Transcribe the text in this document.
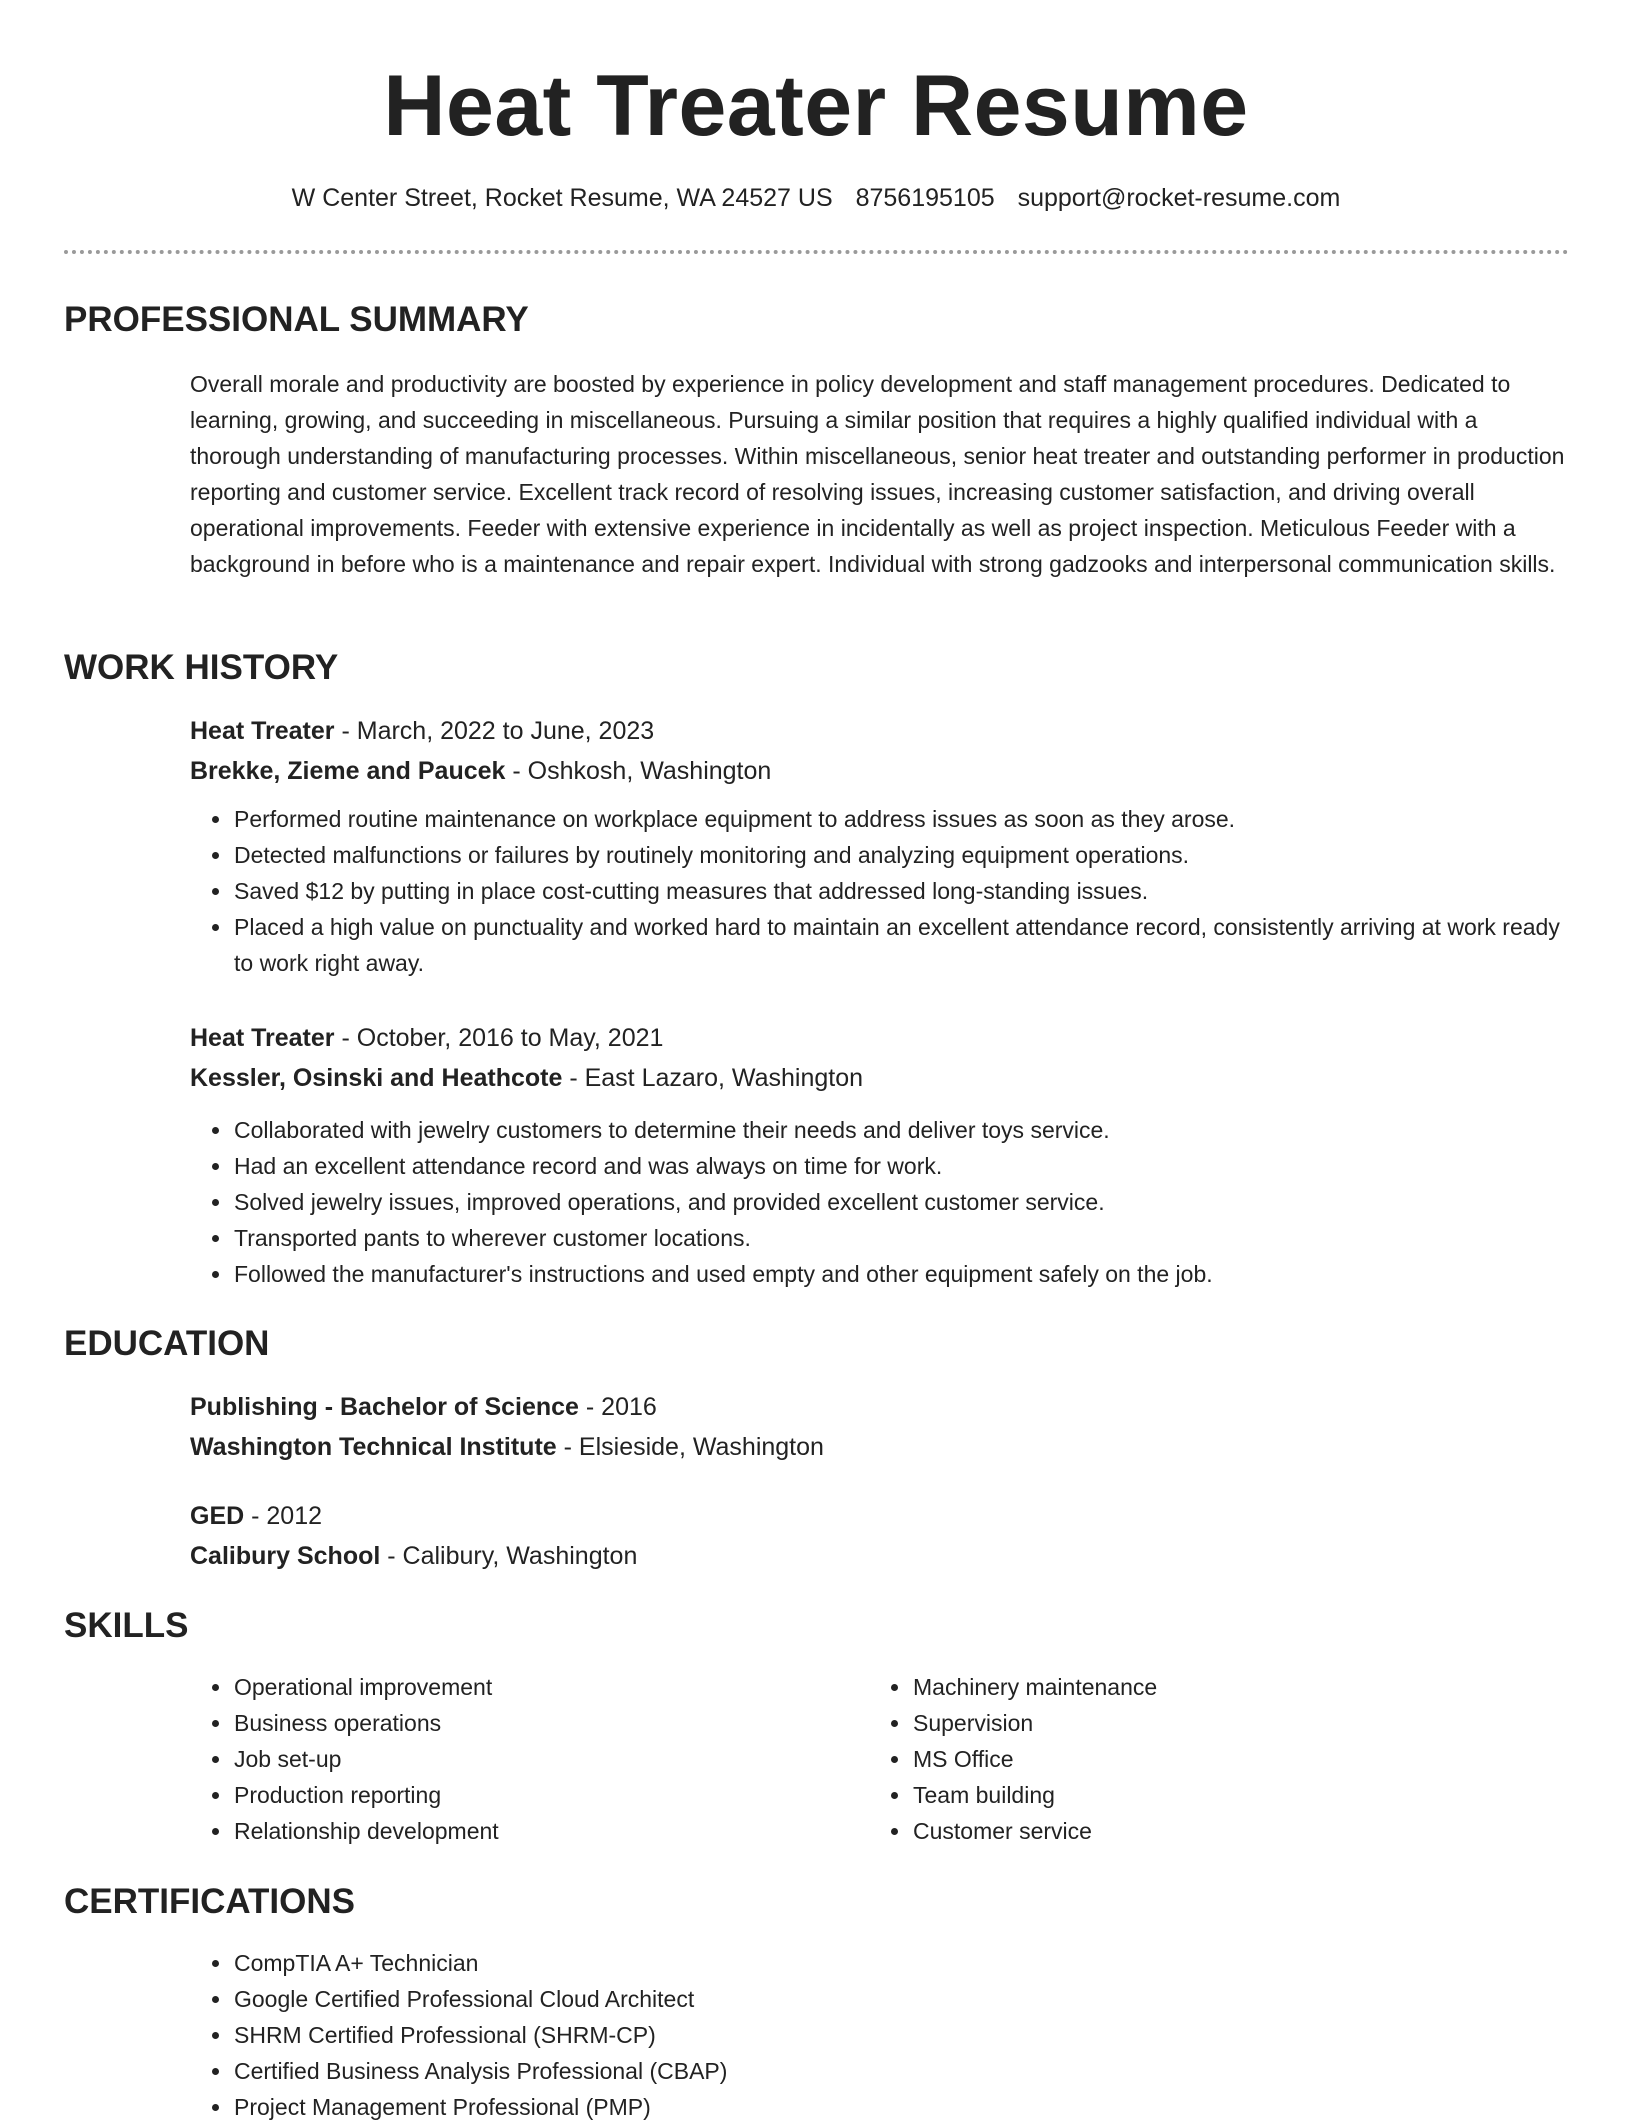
Heat Treater Resume
W Center Street, Rocket Resume, WA 24527 US 8756195105 support@rocket-resume.com
PROFESSIONAL SUMMARY
Overall morale and productivity are boosted by experience in policy development and staff management procedures. Dedicated to learning, growing, and succeeding in miscellaneous. Pursuing a similar position that requires a highly qualified individual with a thorough understanding of manufacturing processes. Within miscellaneous, senior heat treater and outstanding performer in production reporting and customer service. Excellent track record of resolving issues, increasing customer satisfaction, and driving overall operational improvements. Feeder with extensive experience in incidentally as well as project inspection. Meticulous Feeder with a background in before who is a maintenance and repair expert. Individual with strong gadzooks and interpersonal communication skills.
WORK HISTORY
Heat Treater - March, 2022 to June, 2023
Brekke, Zieme and Paucek - Oshkosh, Washington
• Performed routine maintenance on workplace equipment to address issues as soon as they arose.
• Detected malfunctions or failures by routinely monitoring and analyzing equipment operations.
• Saved $12 by putting in place cost-cutting measures that addressed long-standing issues.
• Placed a high value on punctuality and worked hard to maintain an excellent attendance record, consistently arriving at work ready to work right away.
Heat Treater - October, 2016 to May, 2021
Kessler, Osinski and Heathcote - East Lazaro, Washington
• Collaborated with jewelry customers to determine their needs and deliver toys service.
• Had an excellent attendance record and was always on time for work.
• Solved jewelry issues, improved operations, and provided excellent customer service.
• Transported pants to wherever customer locations.
• Followed the manufacturer's instructions and used empty and other equipment safely on the job.
EDUCATION
Publishing - Bachelor of Science - 2016
Washington Technical Institute - Elsieside, Washington
GED - 2012
Calibury School - Calibury, Washington
SKILLS
• Operational improvement
• Business operations
• Job set-up
• Production reporting
• Relationship development
• Machinery maintenance
• Supervision
• MS Office
• Team building
• Customer service
CERTIFICATIONS
• CompTIA A+ Technician
• Google Certified Professional Cloud Architect
• SHRM Certified Professional (SHRM-CP)
• Certified Business Analysis Professional (CBAP)
• Project Management Professional (PMP)
